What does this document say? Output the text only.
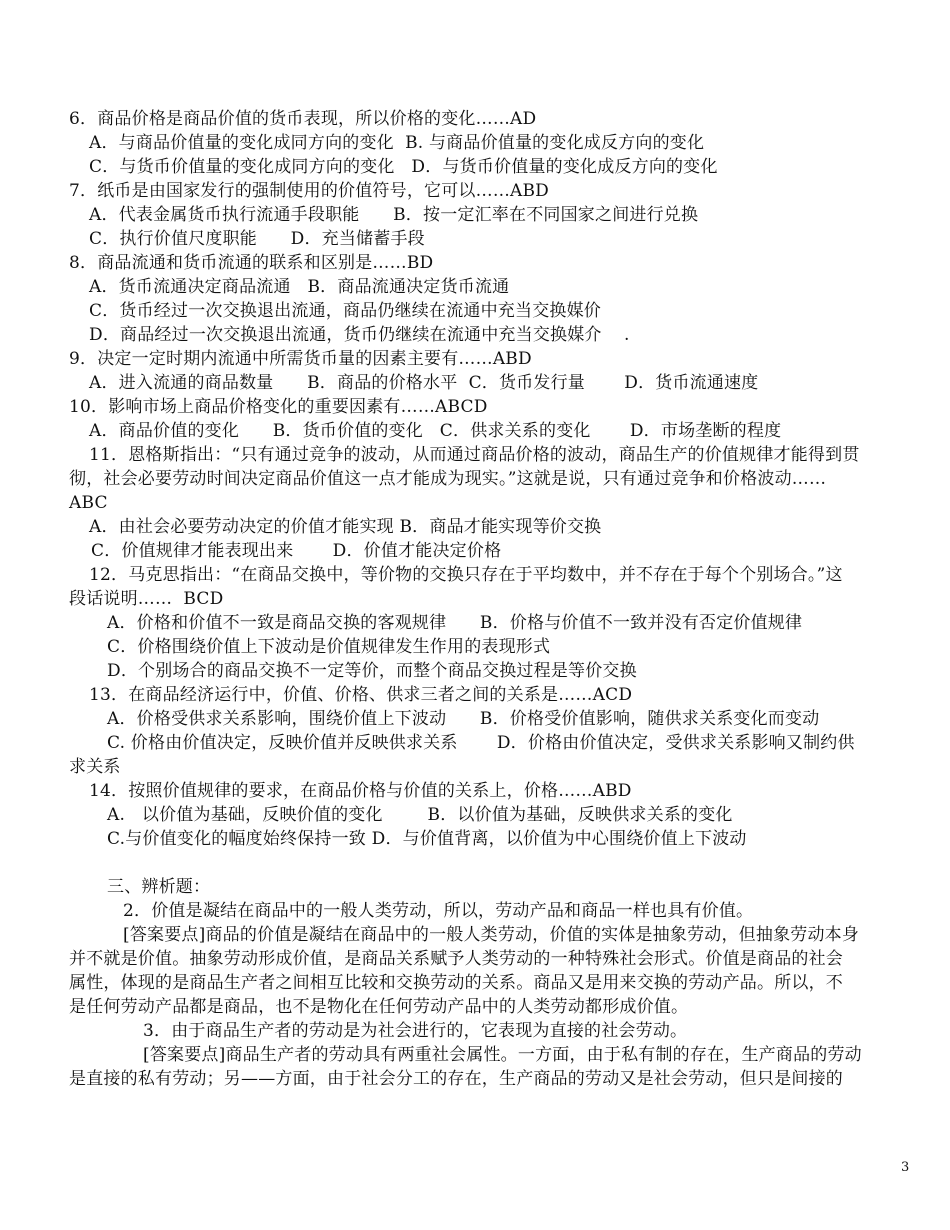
6．商品价格是商品价值的货币表现，所以价格的变化……AD
A．与商品价值量的变化成同方向的变化  B. 与商品价值量的变化成反方向的变化
C．与货币价值量的变化成同方向的变化   D．与货币价值量的变化成反方向的变化
7．纸币是由国家发行的强制使用的价值符号，它可以……ABD
A．代表金属货币执行流通手段职能      B．按一定汇率在不同国家之间进行兑换
C．执行价值尺度职能      D．充当储蓄手段
8．商品流通和货币流通的联系和区别是……BD
A．货币流通决定商品流通   B．商品流通决定货币流通
C．货币经过一次交换退出流通，商品仍继续在流通中充当交换媒价
D．商品经过一次交换退出流通，货币仍继续在流通中充当交换媒介    .
9．决定一定时期内流通中所需货币量的因素主要有……ABD
A．进入流通的商品数量      B．商品的价格水平  C．货币发行量       D．货币流通速度
10．影响市场上商品价格变化的重要因素有……ABCD
A．商品价值的变化      B．货币价值的变化   C．供求关系的变化       D．市场垄断的程度
11．恩格斯指出：“只有通过竞争的波动，从而通过商品价格的波动，商品生产的价值规律才能得到贯
彻，社会必要劳动时间决定商品价值这一点才能成为现实。”这就是说，只有通过竞争和价格波动……
ABC
A．由社会必要劳动决定的价值才能实现 B．商品才能实现等价交换
C．价值规律才能表现出来       D．价值才能决定价格
12．马克思指出：“在商品交换中，等价物的交换只存在于平均数中，并不存在于每个个别场合。”这
段话说明……  BCD
A．价格和价值不一致是商品交换的客观规律      B．价格与价值不一致并没有否定价值规律
C．价格围绕价值上下波动是价值规律发生作用的表现形式
D．个别场合的商品交换不一定等价，而整个商品交换过程是等价交换
13．在商品经济运行中，价值、价格、供求三者之间的关系是……ACD
A．价格受供求关系影响，围绕价值上下波动      B．价格受价值影响，随供求关系变化而变动
C. 价格由价值决定，反映价值并反映供求关系       D．价格由价值决定，受供求关系影响又制约供
求关系
14．按照价值规律的要求，在商品价格与价值的关系上，价格……ABD
A.   以价值为基础，反映价值的变化        B．以价值为基础，反映供求关系的变化
C.与价值变化的幅度始终保持一致 D．与价值背离，以价值为中心围绕价值上下波动
三、辨析题：
2．价值是凝结在商品中的一般人类劳动，所以，劳动产品和商品一样也具有价值。
[答案要点]商品的价值是凝结在商品中的一般人类劳动，价值的实体是抽象劳动，但抽象劳动本身
并不就是价值。抽象劳动形成价值，是商品关系赋予人类劳动的一种特殊社会形式。价值是商品的社会
属性，体现的是商品生产者之间相互比较和交换劳动的关系。商品又是用来交换的劳动产品。所以，不
是任何劳动产品都是商品，也不是物化在任何劳动产品中的人类劳动都形成价值。
3．由于商品生产者的劳动是为社会进行的，它表现为直接的社会劳动。
[答案要点]商品生产者的劳动具有两重社会属性。一方面，由于私有制的存在，生产商品的劳动
是直接的私有劳动；另——方面，由于社会分工的存在，生产商品的劳动又是社会劳动，但只是间接的
3
